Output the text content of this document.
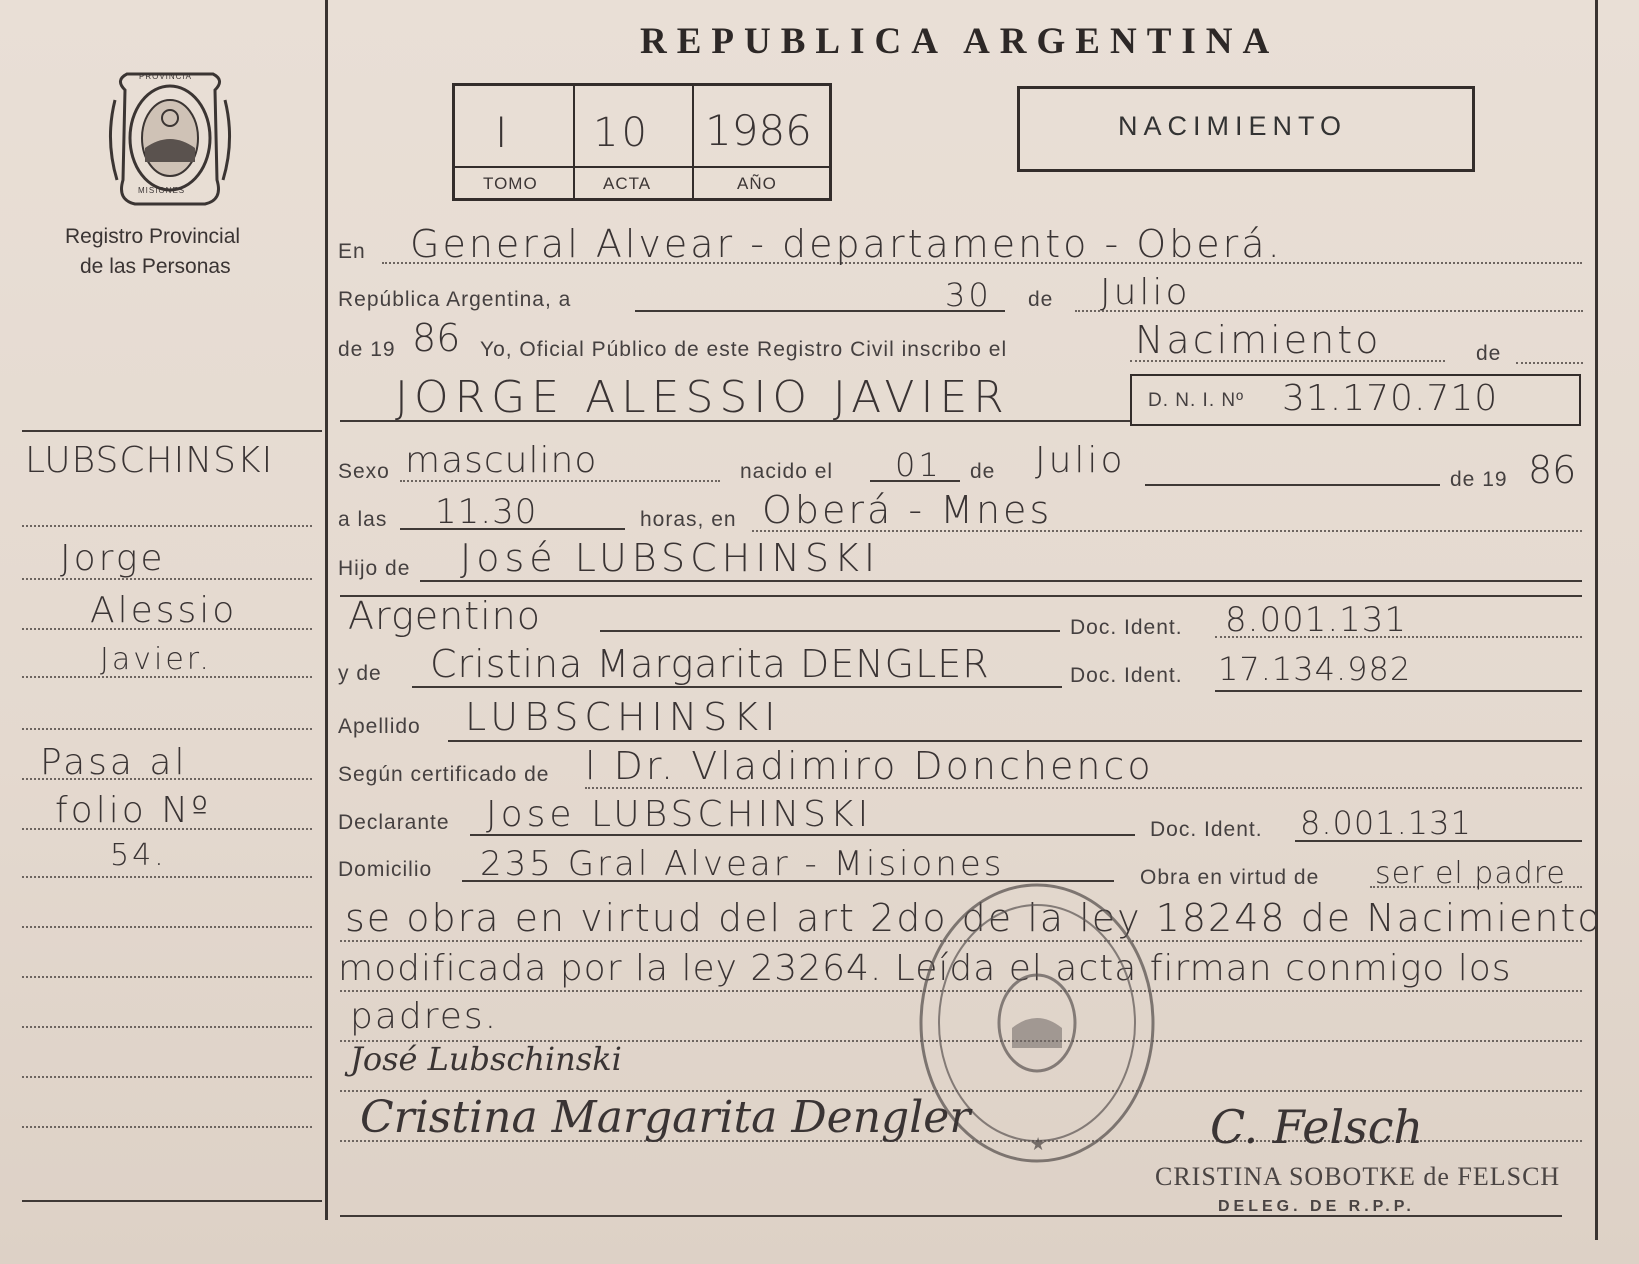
REPUBLICA ARGENTINA
PROVINCIA
MISIONES
Registro Provincial
de las Personas
I 10 1986
TOMO	ACTA	AÑO
NACIMIENTO
LUBSCHINSKI
Jorge
Alessio
Javier.
Pasa al
folio Nº
54.
En General Alvear - departamento - Oberá.
República Argentina, a	30 de Julio
de 19 86 Yo, Oficial Público de este Registro Civil inscribo el	Nacimiento	de
JORGE ALESSIO JAVIER	D. N. I. Nº 31.170.710
Sexo masculino	nacido el 01 de Julio	de 19 86
a las 11.30	horas, en Oberá - Mnes
Hijo de José LUBSCHINSKI
Argentino	Doc. Ident. 8.001.131
y de Cristina Margarita DENGLER	Doc. Ident. 17.134.982
Apellido LUBSCHINSKI
Según certificado de l Dr. Vladimiro Donchenco
Declarante Jose LUBSCHINSKI	Doc. Ident. 8.001.131
Domicilio 235 Gral Alvear - Misiones	Obra en virtud de ser el padre
se obra en virtud del art 2do de la ley 18248 de Nacimiento
modificada por la ley 23264. Leída el acta firman conmigo los
padres.
★
José Lubschinski
Cristina Margarita Dengler	C. Felsch
CRISTINA SOBOTKE de FELSCH
DELEG. DE R.P.P.
